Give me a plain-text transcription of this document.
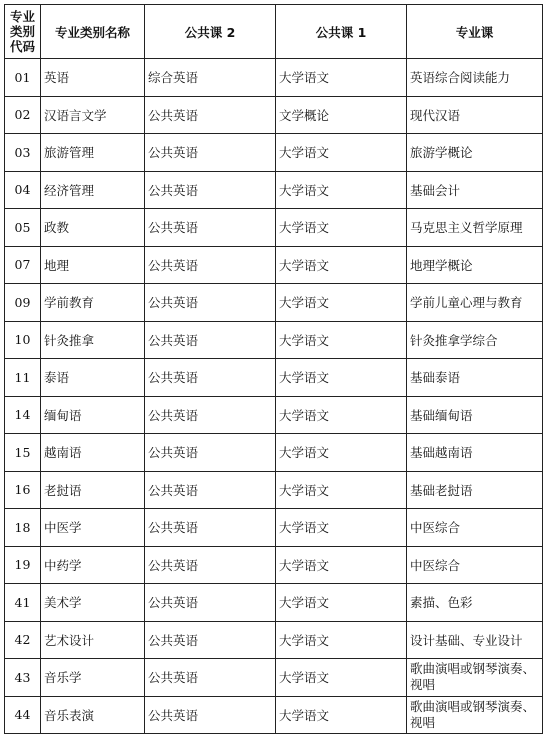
专业类别代码	专业类别名称	公共课 2	公共课 1	专业课
01	英语	综合英语	大学语文	英语综合阅读能力
02	汉语言文学	公共英语	文学概论	现代汉语
03	旅游管理	公共英语	大学语文	旅游学概论
04	经济管理	公共英语	大学语文	基础会计
05	政教	公共英语	大学语文	马克思主义哲学原理
07	地理	公共英语	大学语文	地理学概论
09	学前教育	公共英语	大学语文	学前儿童心理与教育
10	针灸推拿	公共英语	大学语文	针灸推拿学综合
11	泰语	公共英语	大学语文	基础泰语
14	缅甸语	公共英语	大学语文	基础缅甸语
15	越南语	公共英语	大学语文	基础越南语
16	老挝语	公共英语	大学语文	基础老挝语
18	中医学	公共英语	大学语文	中医综合
19	中药学	公共英语	大学语文	中医综合
41	美术学	公共英语	大学语文	素描、色彩
42	艺术设计	公共英语	大学语文	设计基础、专业设计
43	音乐学	公共英语	大学语文	歌曲演唱或钢琴演奏、视唱
44	音乐表演	公共英语	大学语文	歌曲演唱或钢琴演奏、视唱
